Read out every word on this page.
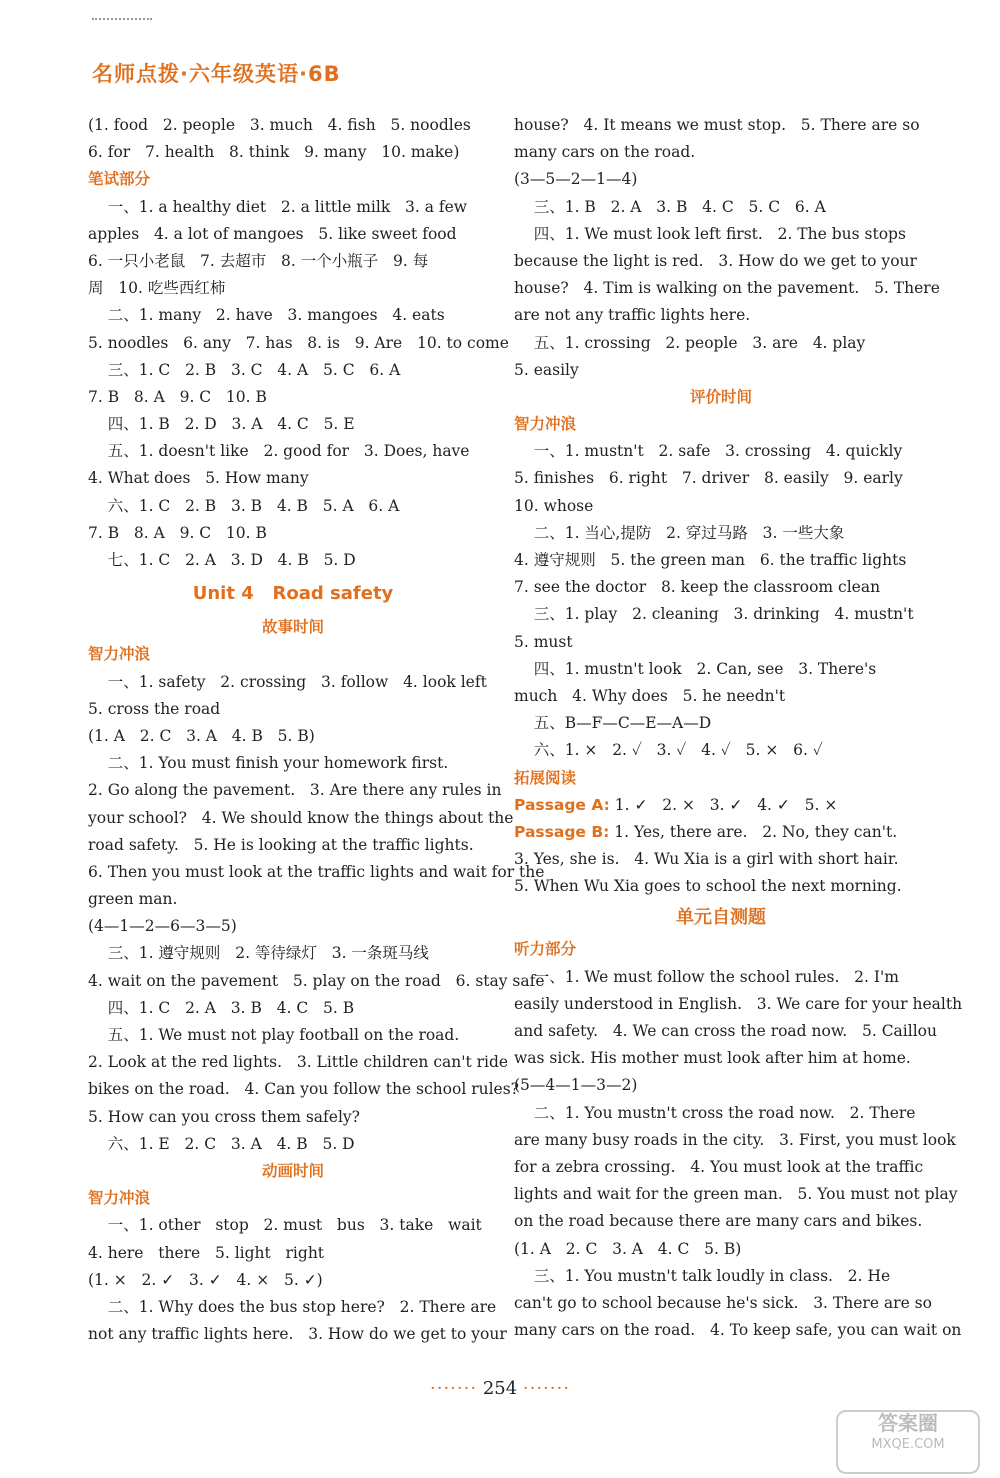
名师点拨·六年级英语·6B
(1. food   2. people   3. much   4. fish   5. noodles
6. for   7. health   8. think   9. many   10. make)
笔试部分
一、1. a healthy diet   2. a little milk   3. a few
apples   4. a lot of mangoes   5. like sweet food
6. 一只小老鼠   7. 去超市   8. 一个小瓶子   9. 每
周   10. 吃些西红柿
二、1. many   2. have   3. mangoes   4. eats
5. noodles   6. any   7. has   8. is   9. Are   10. to come
三、1. C   2. B   3. C   4. A   5. C   6. A
7. B   8. A   9. C   10. B
四、1. B   2. D   3. A   4. C   5. E
五、1. doesn't like   2. good for   3. Does, have
4. What does   5. How many
六、1. C   2. B   3. B   4. B   5. A   6. A
7. B   8. A   9. C   10. B
七、1. C   2. A   3. D   4. B   5. D
Unit 4   Road safety
故事时间
智力冲浪
一、1. safety   2. crossing   3. follow   4. look left
5. cross the road
(1. A   2. C   3. A   4. B   5. B)
二、1. You must finish your homework first.
2. Go along the pavement.   3. Are there any rules in
your school?   4. We should know the things about the
road safety.   5. He is looking at the traffic lights.
6. Then you must look at the traffic lights and wait for the
green man.
(4—1—2—6—3—5)
三、1. 遵守规则   2. 等待绿灯   3. 一条斑马线
4. wait on the pavement   5. play on the road   6. stay safe
四、1. C   2. A   3. B   4. C   5. B
五、1. We must not play football on the road.
2. Look at the red lights.   3. Little children can't ride
bikes on the road.   4. Can you follow the school rules?
5. How can you cross them safely?
六、1. E   2. C   3. A   4. B   5. D
动画时间
智力冲浪
一、1. other   stop   2. must   bus   3. take   wait
4. here   there   5. light   right
(1. ×   2. ✓   3. ✓   4. ×   5. ✓)
二、1. Why does the bus stop here?   2. There are
not any traffic lights here.   3. How do we get to your
house?   4. It means we must stop.   5. There are so
many cars on the road.
(3—5—2—1—4)
三、1. B   2. A   3. B   4. C   5. C   6. A
四、1. We must look left first.   2. The bus stops
because the light is red.   3. How do we get to your
house?   4. Tim is walking on the pavement.   5. There
are not any traffic lights here.
五、1. crossing   2. people   3. are   4. play
5. easily
评价时间
智力冲浪
一、1. mustn't   2. safe   3. crossing   4. quickly
5. finishes   6. right   7. driver   8. easily   9. early
10. whose
二、1. 当心,提防   2. 穿过马路   3. 一些大象
4. 遵守规则   5. the green man   6. the traffic lights
7. see the doctor   8. keep the classroom clean
三、1. play   2. cleaning   3. drinking   4. mustn't
5. must
四、1. mustn't look   2. Can, see   3. There's
much   4. Why does   5. he needn't
五、B—F—C—E—A—D
六、1. ×   2. ✓   3. ✓   4. ✓   5. ×   6. ✓
拓展阅读
Passage A: 1. ✓   2. ×   3. ✓   4. ✓   5. ×
Passage B: 1. Yes, there are.   2. No, they can't.
3. Yes, she is.   4. Wu Xia is a girl with short hair.
5. When Wu Xia goes to school the next morning.
单元自测题
听力部分
一、1. We must follow the school rules.   2. I'm
easily understood in English.   3. We care for your health
and safety.   4. We can cross the road now.   5. Caillou
was sick. His mother must look after him at home.
(5—4—1—3—2)
二、1. You mustn't cross the road now.   2. There
are many busy roads in the city.   3. First, you must look
for a zebra crossing.   4. You must look at the traffic
lights and wait for the green man.   5. You must not play
on the road because there are many cars and bikes.
(1. A   2. C   3. A   4. C   5. B)
三、1. You mustn't talk loudly in class.   2. He
can't go to school because he's sick.   3. There are so
many cars on the road.   4. To keep safe, you can wait on
······· 254 ·······
答案圈
MXQE.COM
